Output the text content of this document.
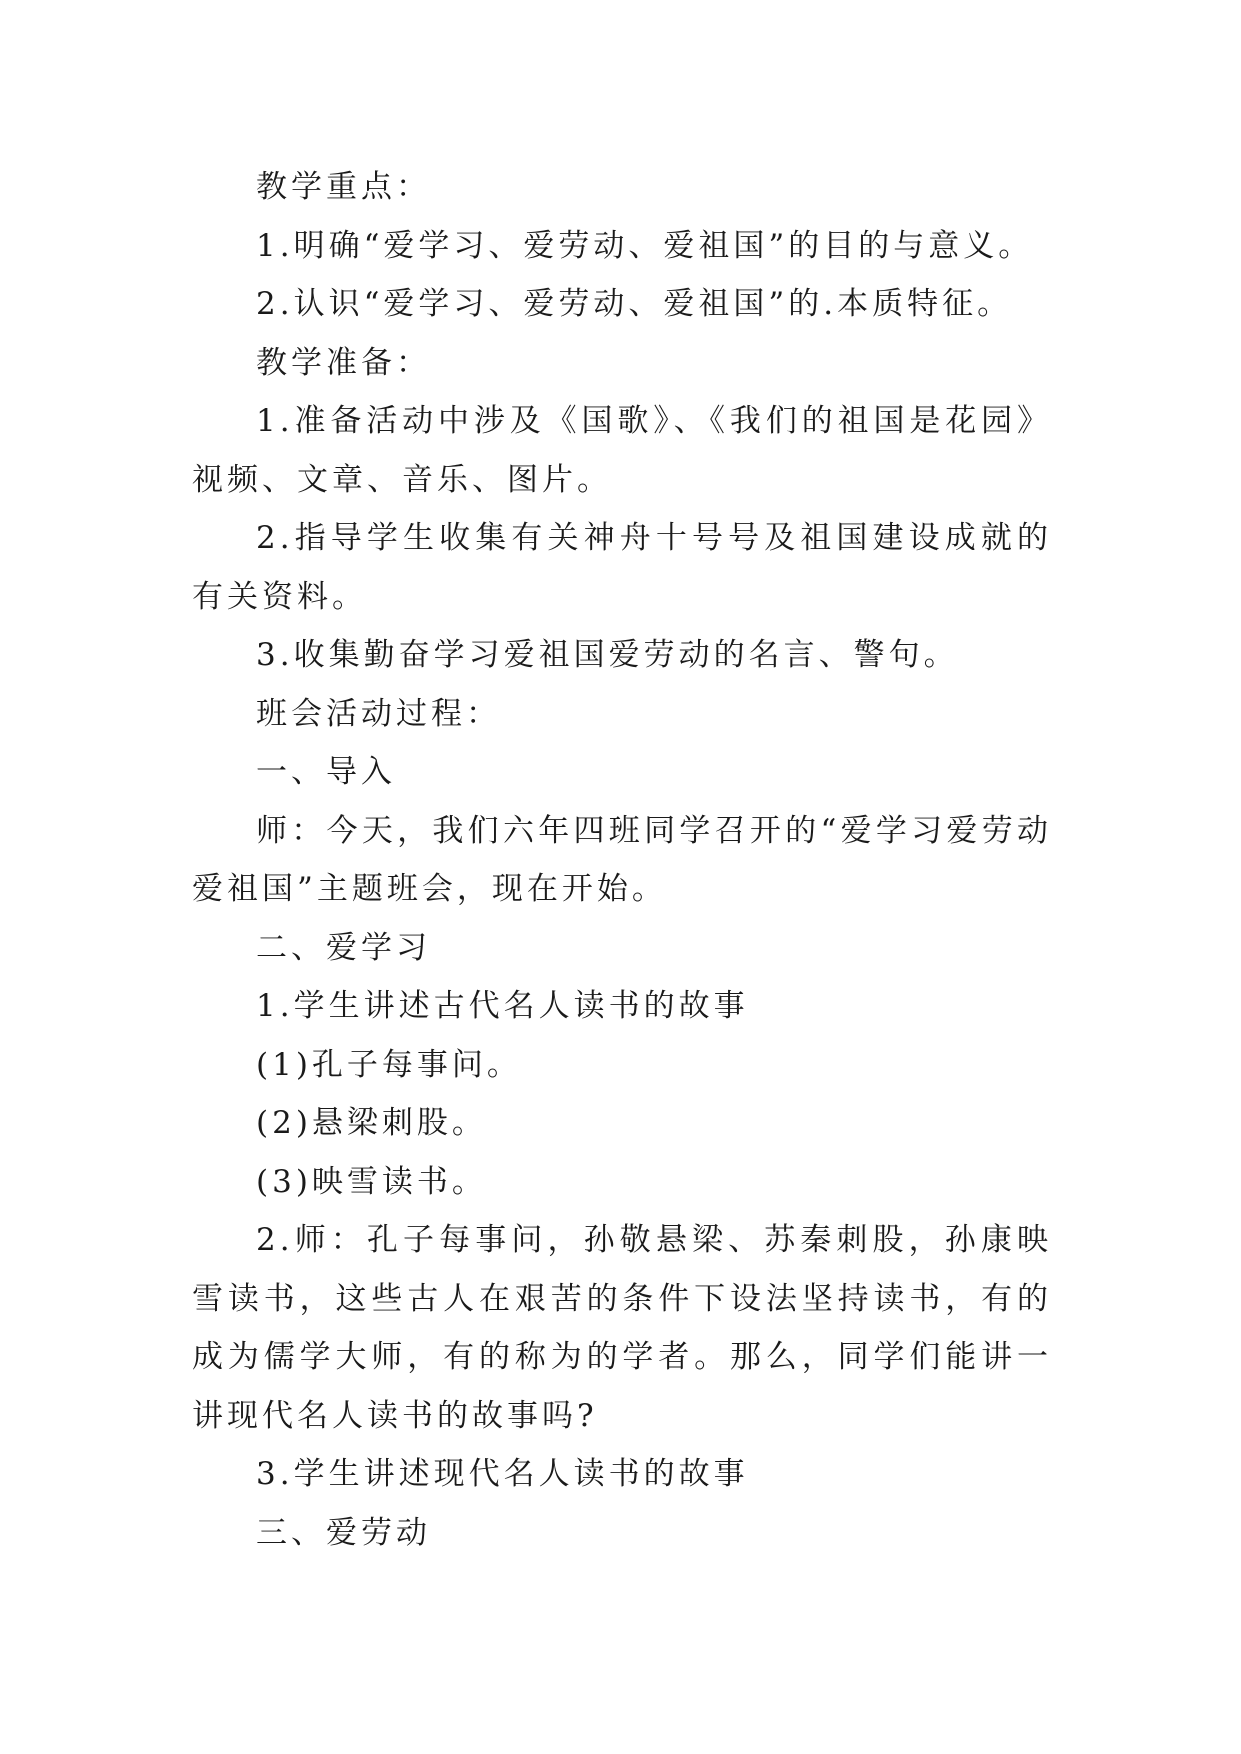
教学重点：

1.明确“爱学习、爱劳动、爱祖国”的目的与意义。

2.认识“爱学习、爱劳动、爱祖国”的.本质特征。

教学准备：

1.准备活动中涉及《国歌》、《我们的祖国是花园》视频、文章、音乐、图片。

2.指导学生收集有关神舟十号号及祖国建设成就的有关资料。

3.收集勤奋学习爱祖国爱劳动的名言、警句。

班会活动过程：

一、导入

师：今天，我们六年四班同学召开的“爱学习爱劳动爱祖国”主题班会，现在开始。

二、爱学习

1.学生讲述古代名人读书的故事

(1)孔子每事问。

(2)悬梁刺股。

(3)映雪读书。

2.师：孔子每事问，孙敬悬梁、苏秦刺股，孙康映雪读书，这些古人在艰苦的条件下设法坚持读书，有的成为儒学大师，有的称为的学者。那么，同学们能讲一讲现代名人读书的故事吗?

3.学生讲述现代名人读书的故事

三、爱劳动
